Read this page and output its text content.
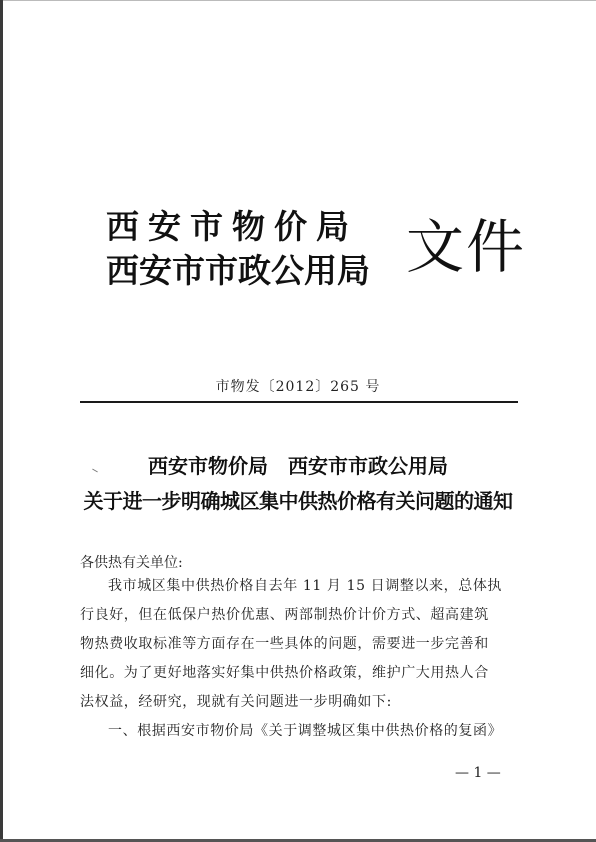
西安市物价局
西安市市政公用局 文件
市物发〔2012〕265 号
西安市物价局　西安市市政公用局
关于进一步明确城区集中供热价格有关问题的通知
各供热有关单位:
我市城区集中供热价格自去年 11 月 15 日调整以来，总体执
行良好，但在低保户热价优惠、两部制热价计价方式、超高建筑
物热费收取标准等方面存在一些具体的问题，需要进一步完善和
细化。为了更好地落实好集中供热价格政策，维护广大用热人合
法权益，经研究，现就有关问题进一步明确如下:
一、根据西安市物价局《关于调整城区集中供热价格的复函》
— 1 —
